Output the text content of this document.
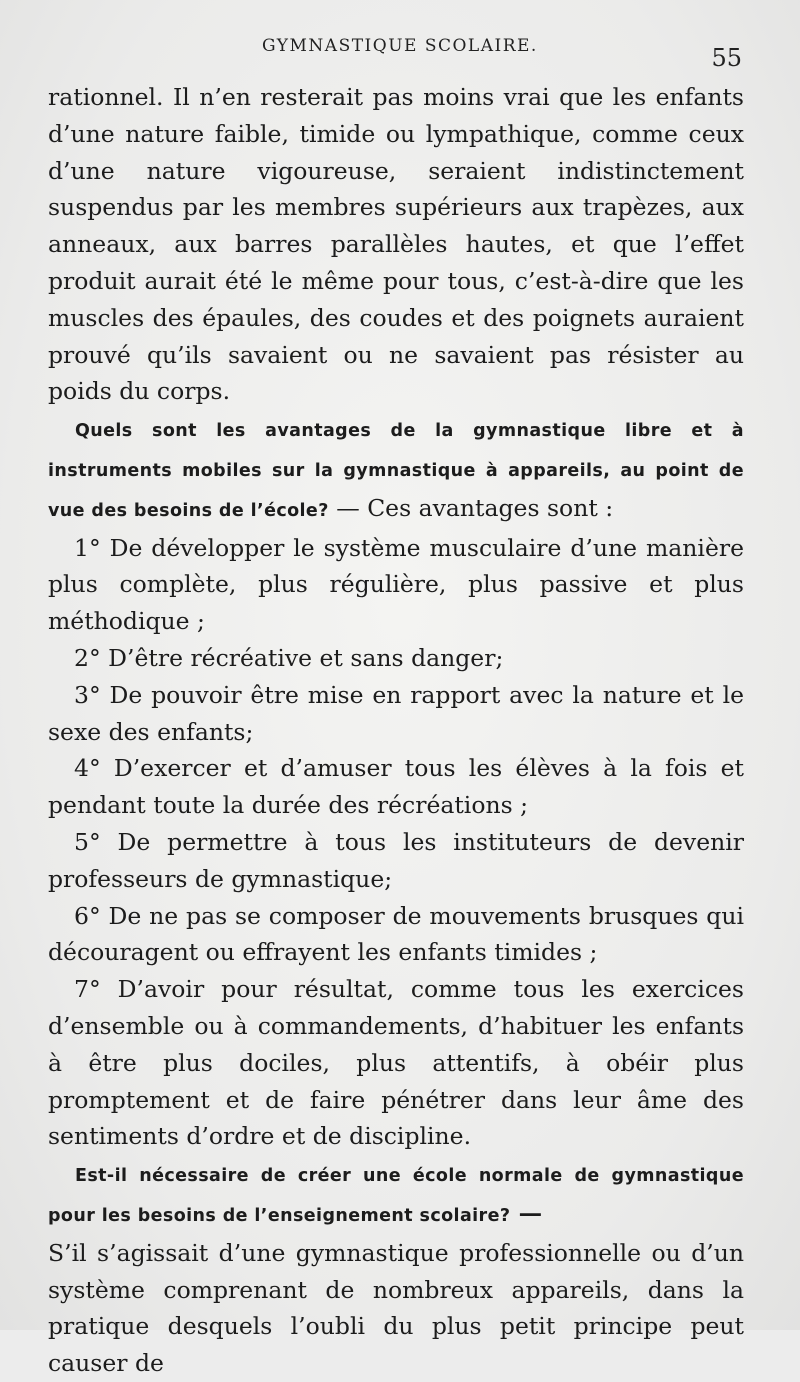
GYMNASTIQUE SCOLAIRE.	55

rationnel. Il n’en resterait pas moins vrai que les enfants d’une nature faible, timide ou lympathique, comme ceux d’une nature vigoureuse, seraient indistinctement suspendus par les membres supérieurs aux trapèzes, aux anneaux, aux barres parallèles hautes, et que l’effet produit aurait été le même pour tous, c’est-à-dire que les muscles des épaules, des coudes et des poignets auraient prouvé qu’ils savaient ou ne savaient pas résister au poids du corps.

Quels sont les avantages de la gymnastique libre et à instruments mobiles sur la gymnastique à appareils, au point de vue des besoins de l’école? — Ces avantages sont :

1° De développer le système musculaire d’une manière plus complète, plus régulière, plus passive et plus méthodique ;

2° D’être récréative et sans danger;

3° De pouvoir être mise en rapport avec la nature et le sexe des enfants;

4° D’exercer et d’amuser tous les élèves à la fois et pendant toute la durée des récréations ;

5° De permettre à tous les instituteurs de devenir professeurs de gymnastique;

6° De ne pas se composer de mouvements brusques qui découragent ou effrayent les enfants timides ;

7° D’avoir pour résultat, comme tous les exercices d’ensemble ou à commandements, d’habituer les enfants à être plus dociles, plus attentifs, à obéir plus promptement et de faire pénétrer dans leur âme des sentiments d’ordre et de discipline.

Est-il nécessaire de créer une école normale de gymnastique pour les besoins de l’enseignement scolaire? —

S’il s’agissait d’une gymnastique professionnelle ou d’un système comprenant de nombreux appareils, dans la pratique desquels l’oubli du plus petit principe peut causer de
